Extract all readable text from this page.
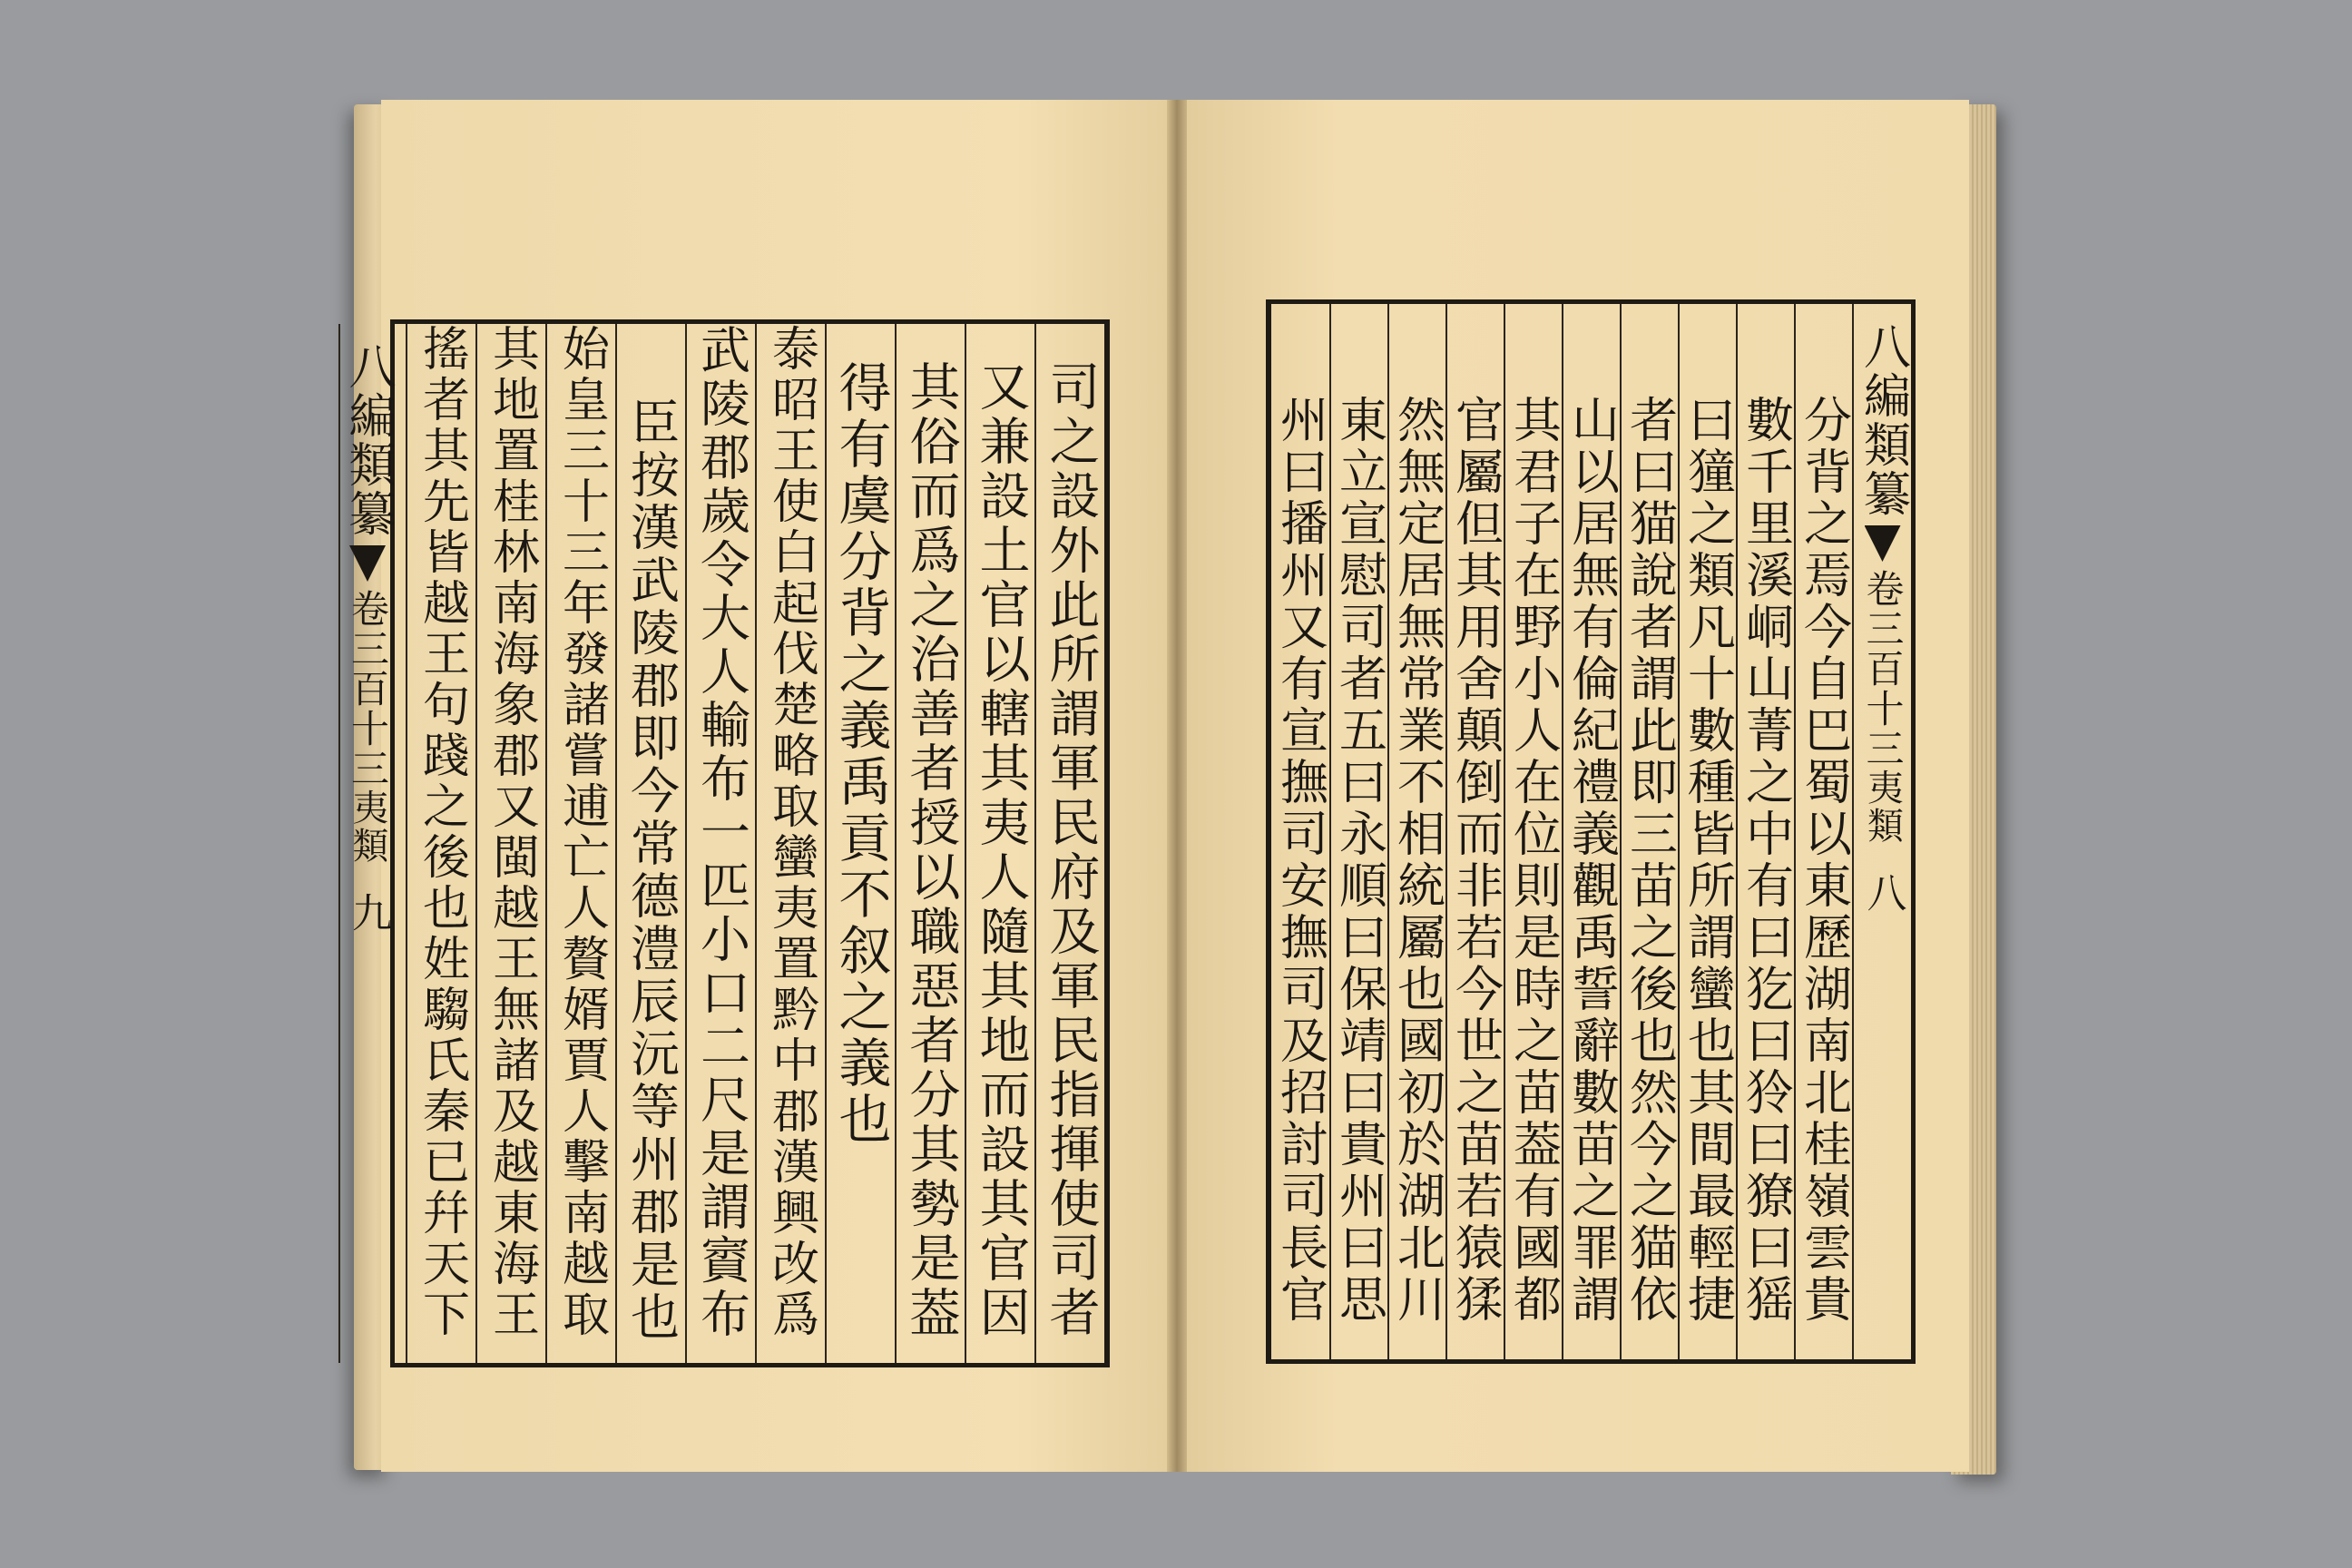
司之設外此所謂軍民府及軍民指揮使司者
又兼設土官以轄其夷人隨其地而設其官因
其俗而爲之治善者授以職惡者分其勢是葢
得有虞分背之義禹貢不叙之義也
泰昭王使白起伐楚略取蠻夷置黔中郡漢興改爲
武陵郡歲令大人輸布一匹小口二尺是謂賨布
臣按漢武陵郡即今常德澧辰沅等州郡是也
始皇三十三年發諸嘗逋亡人贅婿賈人擊南越取
其地置桂林南海象郡又閩越王無諸及越東海王
搖者其先皆越王句踐之後也姓騶氏秦已幷天下
八編類纂
卷三百十三
夷類
九
八編類纂
卷三百十三
夷類
八
分背之焉今自巴蜀以東歷湖南北桂嶺雲貴
數千里溪峒山菁之中有曰犵曰狑曰獠曰猺
曰獞之類凡十數種皆所謂蠻也其間最輕捷
者曰猫說者謂此即三苗之後也然今之猫依
山以居無有倫紀禮義觀禹誓辭數苗之罪謂
其君子在野小人在位則是時之苗葢有國都
官屬但其用舍顛倒而非若今世之苗若猿猱
然無定居無常業不相統屬也國初於湖北川
東立宣慰司者五曰永順曰保靖曰貴州曰思
州曰播州又有宣撫司安撫司及招討司長官
